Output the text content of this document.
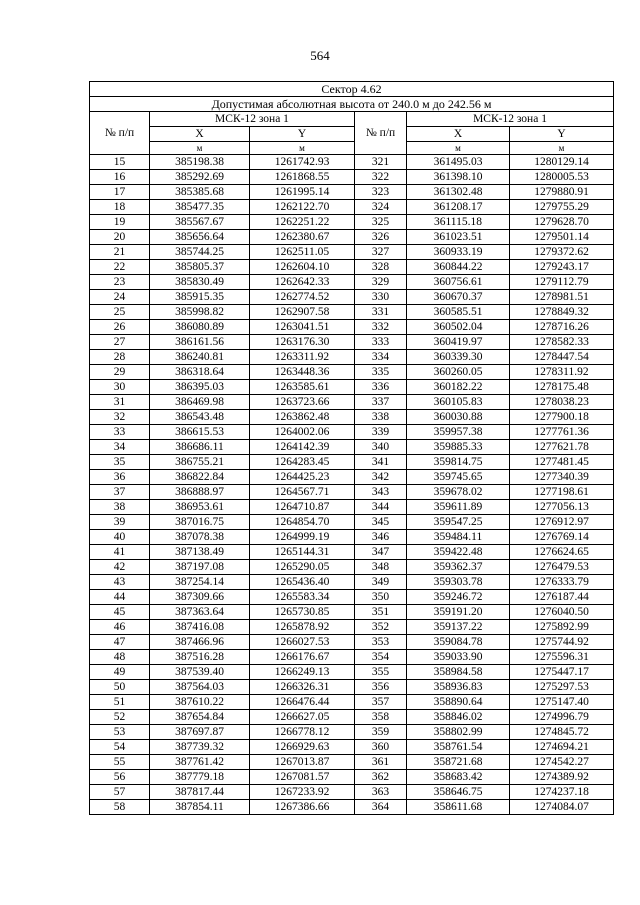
564
Сектор 4.62					
Допустимая абсолютная высота от 240.0 м до 242.56 м					
№ п/п	МСК-12 зона 1		№ п/п	МСК-12 зона 1	
	X	Y		X	Y
	м	м		м	м
15	385198.38	1261742.93	321	361495.03	1280129.14
16	385292.69	1261868.55	322	361398.10	1280005.53
17	385385.68	1261995.14	323	361302.48	1279880.91
18	385477.35	1262122.70	324	361208.17	1279755.29
19	385567.67	1262251.22	325	361115.18	1279628.70
20	385656.64	1262380.67	326	361023.51	1279501.14
21	385744.25	1262511.05	327	360933.19	1279372.62
22	385805.37	1262604.10	328	360844.22	1279243.17
23	385830.49	1262642.33	329	360756.61	1279112.79
24	385915.35	1262774.52	330	360670.37	1278981.51
25	385998.82	1262907.58	331	360585.51	1278849.32
26	386080.89	1263041.51	332	360502.04	1278716.26
27	386161.56	1263176.30	333	360419.97	1278582.33
28	386240.81	1263311.92	334	360339.30	1278447.54
29	386318.64	1263448.36	335	360260.05	1278311.92
30	386395.03	1263585.61	336	360182.22	1278175.48
31	386469.98	1263723.66	337	360105.83	1278038.23
32	386543.48	1263862.48	338	360030.88	1277900.18
33	386615.53	1264002.06	339	359957.38	1277761.36
34	386686.11	1264142.39	340	359885.33	1277621.78
35	386755.21	1264283.45	341	359814.75	1277481.45
36	386822.84	1264425.23	342	359745.65	1277340.39
37	386888.97	1264567.71	343	359678.02	1277198.61
38	386953.61	1264710.87	344	359611.89	1277056.13
39	387016.75	1264854.70	345	359547.25	1276912.97
40	387078.38	1264999.19	346	359484.11	1276769.14
41	387138.49	1265144.31	347	359422.48	1276624.65
42	387197.08	1265290.05	348	359362.37	1276479.53
43	387254.14	1265436.40	349	359303.78	1276333.79
44	387309.66	1265583.34	350	359246.72	1276187.44
45	387363.64	1265730.85	351	359191.20	1276040.50
46	387416.08	1265878.92	352	359137.22	1275892.99
47	387466.96	1266027.53	353	359084.78	1275744.92
48	387516.28	1266176.67	354	359033.90	1275596.31
49	387539.40	1266249.13	355	358984.58	1275447.17
50	387564.03	1266326.31	356	358936.83	1275297.53
51	387610.22	1266476.44	357	358890.64	1275147.40
52	387654.84	1266627.05	358	358846.02	1274996.79
53	387697.87	1266778.12	359	358802.99	1274845.72
54	387739.32	1266929.63	360	358761.54	1274694.21
55	387761.42	1267013.87	361	358721.68	1274542.27
56	387779.18	1267081.57	362	358683.42	1274389.92
57	387817.44	1267233.92	363	358646.75	1274237.18
58	387854.11	1267386.66	364	358611.68	1274084.07
